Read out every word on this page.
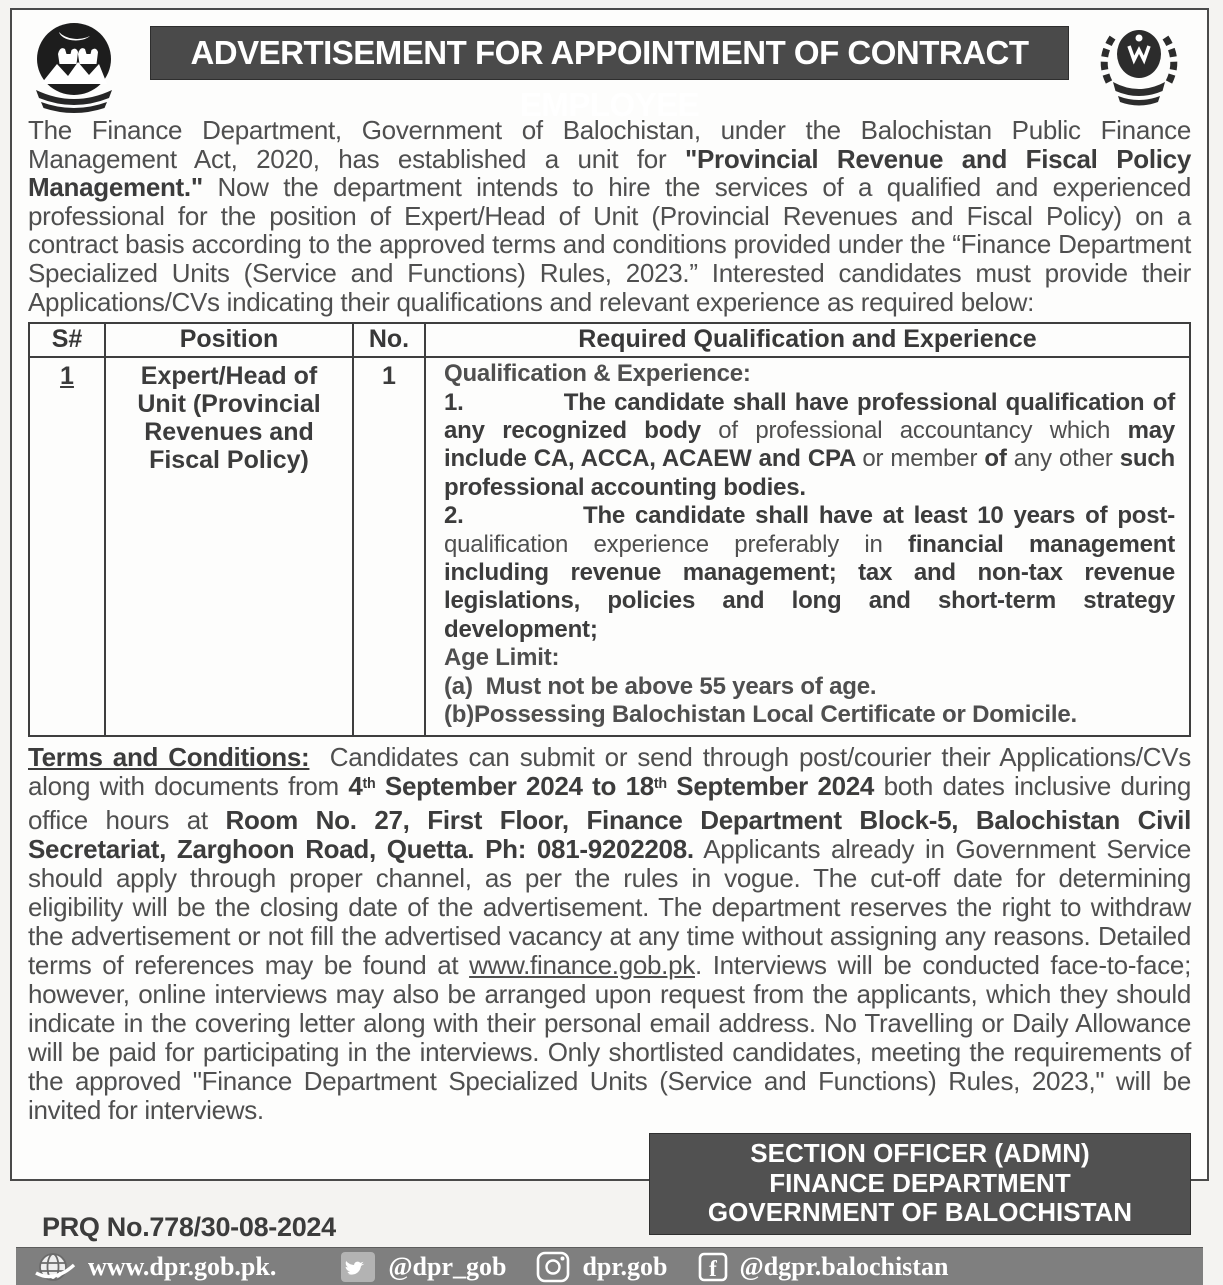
ADVERTISEMENT FOR APPOINTMENT OF CONTRACT EMPLOYEE
The Finance Department, Government of Balochistan, under the Balochistan Public Finance Management Act, 2020, has established a unit for "Provincial Revenue and Fiscal Policy Management." Now the department intends to hire the services of a qualified and experienced professional for the position of Expert/Head of Unit (Provincial Revenues and Fiscal Policy) on a contract basis according to the approved terms and conditions provided under the “Finance Department Specialized Units (Service and Functions) Rules, 2023.” Interested candidates must provide their Applications/CVs indicating their qualifications and relevant experience as required below:
S#	Position	No.	Required Qualification and Experience
1	Expert/Head of Unit (Provincial Revenues and Fiscal Policy)	1	Qualification & Experience:
1.            The candidate shall have professional qualification of any recognized body of professional accountancy which may include CA, ACCA, ACAEW and CPA or member of any other such professional accounting bodies.
2.            The candidate shall have at least 10 years of post-qualification experience preferably in financial management including revenue management; tax and non-tax revenue legislations, policies and long and short-term strategy development;
Age Limit:
(a)  Must not be above 55 years of age.
(b)Possessing Balochistan Local Certificate or Domicile.
Terms and Conditions:  Candidates can submit or send through post/courier their Applications/CVs along with documents from 4th September 2024 to 18th September 2024 both dates inclusive during office hours at Room No. 27, First Floor, Finance Department Block-5, Balochistan Civil Secretariat, Zarghoon Road, Quetta. Ph: 081-9202208. Applicants already in Government Service should apply through proper channel, as per the rules in vogue. The cut-off date for determining eligibility will be the closing date of the advertisement. The department reserves the right to withdraw the advertisement or not fill the advertised vacancy at any time without assigning any reasons. Detailed terms of references may be found at www.finance.gob.pk. Interviews will be conducted face-to-face; however, online interviews may also be arranged upon request from the applicants, which they should indicate in the covering letter along with their personal email address. No Travelling or Daily Allowance will be paid for participating in the interviews. Only shortlisted candidates, meeting the requirements of the approved "Finance Department Specialized Units (Service and Functions) Rules, 2023," will be invited for interviews.
SECTION OFFICER (ADMN)
FINANCE DEPARTMENT
GOVERNMENT OF BALOCHISTAN
PRQ No.778/30-08-2024
www.dpr.gob.pk.	@dpr_gob	dpr.gob f @dgpr.balochistan
